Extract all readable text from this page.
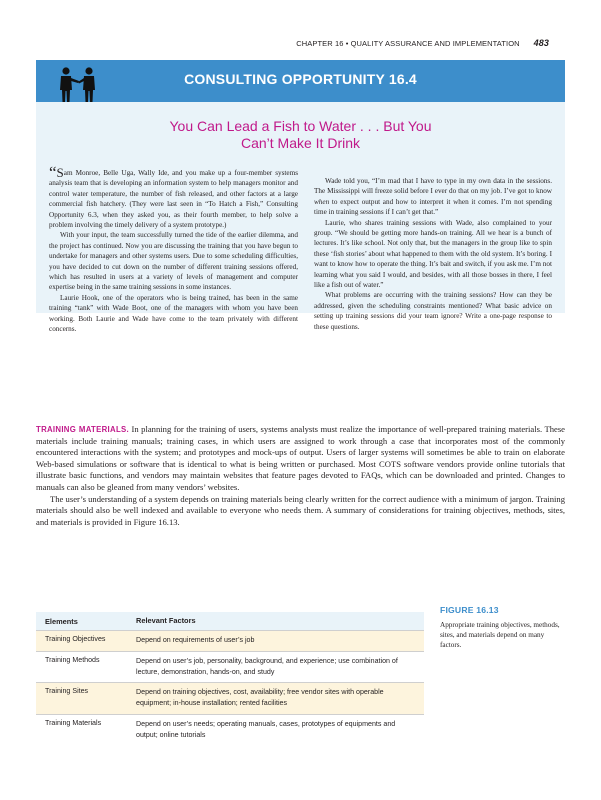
CHAPTER 16 • QUALITY ASSURANCE AND IMPLEMENTATION 483
CONSULTING OPPORTUNITY 16.4
You Can Lead a Fish to Water . . . But You
Can’t Make It Drink

“Sam Monroe, Belle Uga, Wally Ide, and you make up a four-member systems analysis team that is developing an information system to help managers monitor and control water temperature, the number of fish released, and other factors at a large commercial fish hatchery. (They were last seen in “To Hatch a Fish,” Consulting Opportunity 6.3, when they asked you, as their fourth member, to help solve a problem involving the timely delivery of a system prototype.)

With your input, the team successfully turned the tide of the earlier dilemma, and the project has continued. Now you are discussing the training that you have begun to undertake for managers and other systems users. Due to some scheduling difficulties, you have decided to cut down on the number of different training sessions offered, which has resulted in users at a variety of levels of management and computer expertise being in the same training sessions in some instances.

Laurie Hook, one of the operators who is being trained, has been in the same training “tank” with Wade Boot, one of the managers with whom you have been working. Both Laurie and Wade have come to the team privately with different concerns.

Wade told you, “I’m mad that I have to type in my own data in the sessions. The Mississippi will freeze solid before I ever do that on my job. I’ve got to know when to expect output and how to interpret it when it comes. I’m not spending time in training sessions if I can’t get that.”

Laurie, who shares training sessions with Wade, also complained to your group. “We should be getting more hands-on training. All we hear is a bunch of lectures. It’s like school. Not only that, but the managers in the group like to spin these ‘fish stories’ about what happened to them with the old system. It’s boring. I want to know how to operate the thing. It’s bait and switch, if you ask me. I’m not learning what you said I would, and besides, with all those bosses in there, I feel like a fish out of water.”

What problems are occurring with the training sessions? How can they be addressed, given the scheduling constraints mentioned? What basic advice on setting up training sessions did your team ignore? Write a one-page response to these questions.

TRAINING MATERIALS. In planning for the training of users, systems analysts must realize the importance of well-prepared training materials. These materials include training manuals; training cases, in which users are assigned to work through a case that incorporates most of the commonly encountered interactions with the system; and prototypes and mock-ups of output. Users of larger systems will sometimes be able to train on elaborate Web-based simulations or software that is identical to what is being written or purchased. Most COTS software vendors provide online tutorials that illustrate basic functions, and vendors may maintain websites that feature pages devoted to FAQs, which can be downloaded and printed. Changes to manuals can also be gleaned from many vendors’ websites.

The user’s understanding of a system depends on training materials being clearly written for the correct audience with a minimum of jargon. Training materials should also be well indexed and available to everyone who needs them. A summary of considerations for training objectives, methods, sites, and materials is provided in Figure 16.13.

Elements	Relevant Factors
Training Objectives	Depend on requirements of user’s job
Training Methods	Depend on user’s job, personality, background, and experience; use combination of lecture, demonstration, hands-on, and study
Training Sites	Depend on training objectives, cost, availability; free vendor sites with operable equipment; in-house installation; rented facilities
Training Materials	Depend on user’s needs; operating manuals, cases, prototypes of equipments and output; online tutorials
FIGURE 16.13
Appropriate training objectives, methods, sites, and materials depend on many factors.
